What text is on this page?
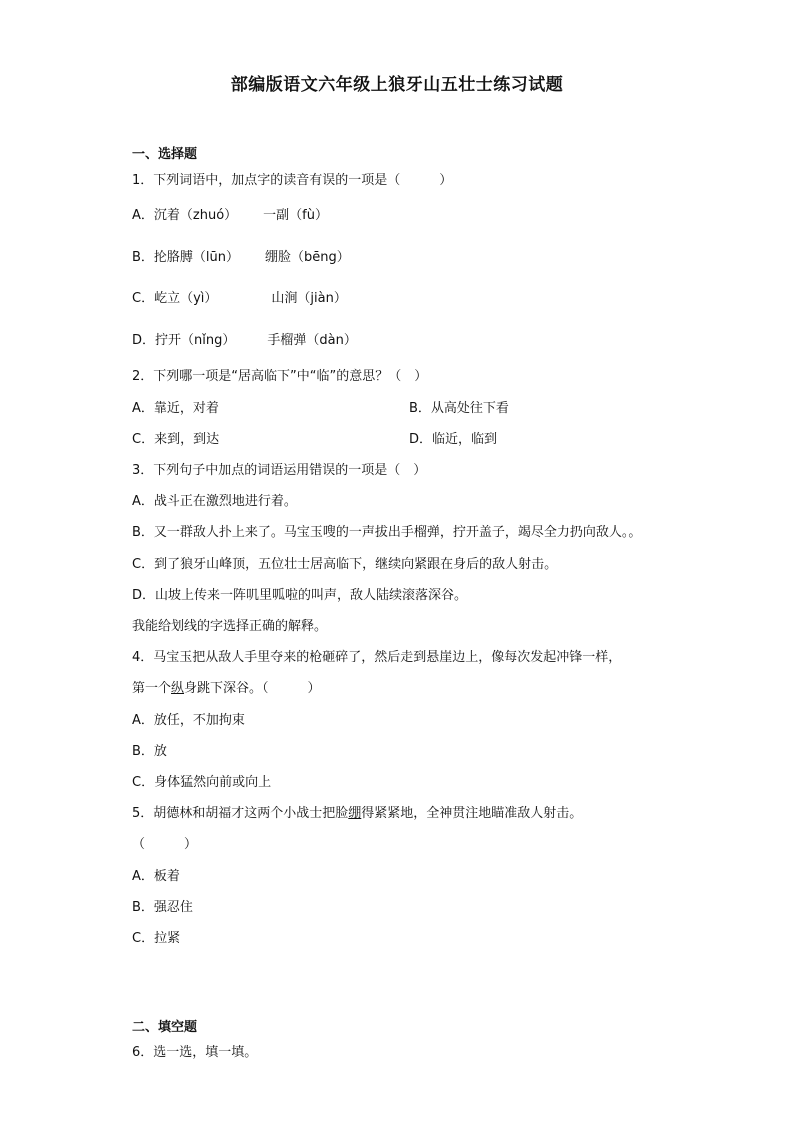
部编版语文六年级上狼牙山五壮士练习试题
一、选择题
1．下列词语中，加点字的读音有误的一项是（　　　）
A．沉着（zhuó） 一副（fù）
B．抡胳膊（lūn） 绷脸（bēng）
C．屹立（yì）	山涧（jiàn）
D．拧开（nǐng） 手榴弹（dàn）
2．下列哪一项是“居高临下”中“临”的意思？（　）
A．靠近，对着	B．从高处往下看
C．来到，到达	D．临近，临到
3．下列句子中加点的词语运用错误的一项是（　）
A．战斗正在激烈地进行着。
B．又一群敌人扑上来了。马宝玉嗖的一声拔出手榴弹，拧开盖子，竭尽全力扔向敌人。。
C．到了狼牙山峰顶，五位壮士居高临下，继续向紧跟在身后的敌人射击。
D．山坡上传来一阵叽里呱啦的叫声，敌人陆续滚落深谷。
我能给划线的字选择正确的解释。
4．马宝玉把从敌人手里夺来的枪砸碎了，然后走到悬崖边上，像每次发起冲锋一样，
第一个纵身跳下深谷。（　　　）
A．放任，不加拘束
B．放
C．身体猛然向前或向上
5．胡德林和胡福才这两个小战士把脸绷得紧紧地，全神贯注地瞄准敌人射击。
（　　　）
A．板着
B．强忍住
C．拉紧
二、填空题
6．选一选，填一填。
